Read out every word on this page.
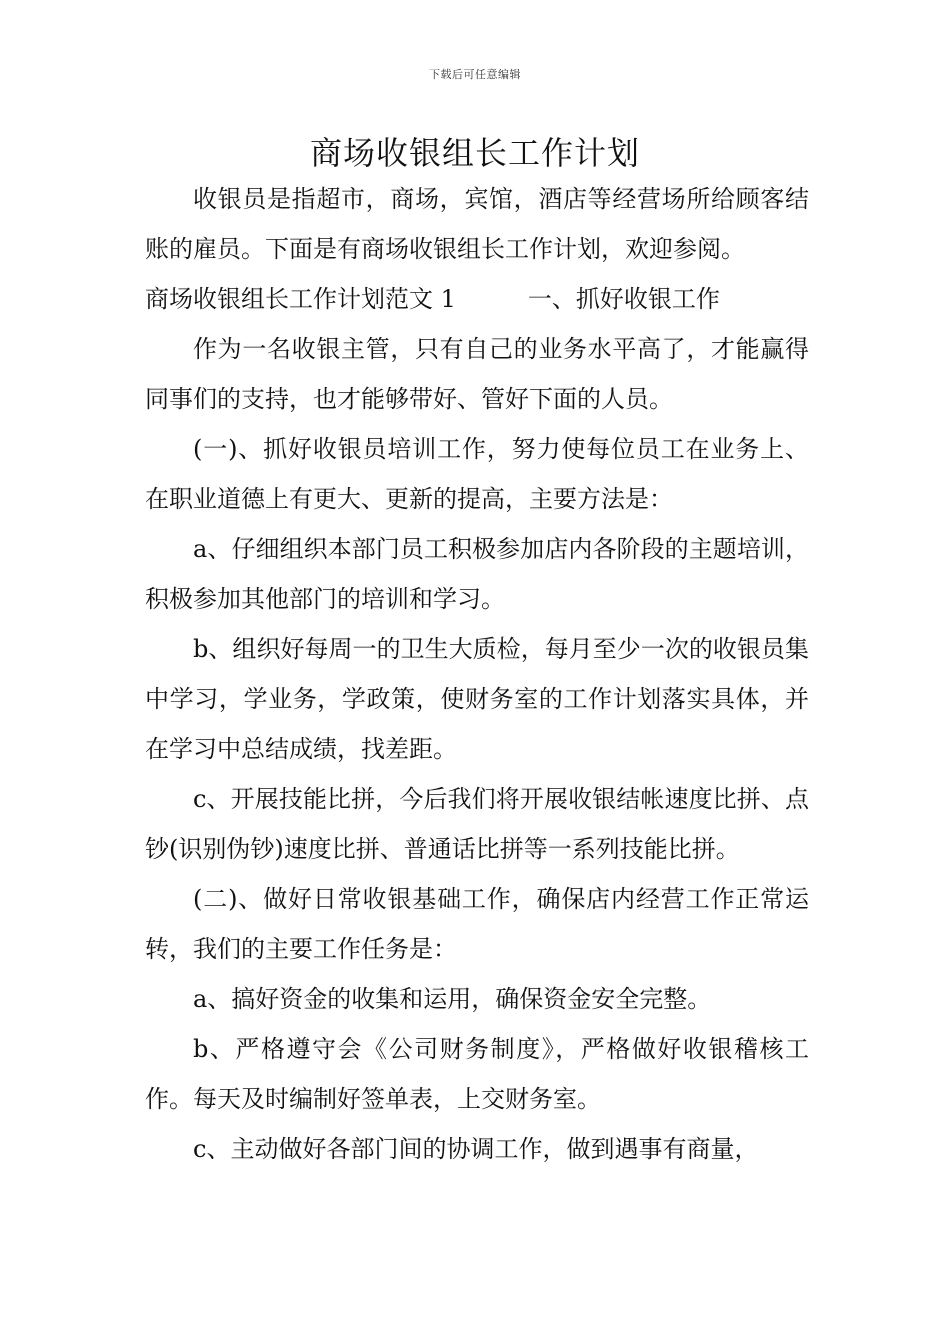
下载后可任意编辑
商场收银组长工作计划

收银员是指超市，商场，宾馆，酒店等经营场所给顾客结账的雇员。下面是有商场收银组长工作计划，欢迎参阅。

商场收银组长工作计划范文 1　　　一、抓好收银工作

作为一名收银主管，只有自己的业务水平高了，才能赢得同事们的支持，也才能够带好、管好下面的人员。

(一)、抓好收银员培训工作，努力使每位员工在业务上、在职业道德上有更大、更新的提高，主要方法是：

a、仔细组织本部门员工积极参加店内各阶段的主题培训，积极参加其他部门的培训和学习。

b、组织好每周一的卫生大质检，每月至少一次的收银员集中学习，学业务，学政策，使财务室的工作计划落实具体，并在学习中总结成绩，找差距。

c、开展技能比拼，今后我们将开展收银结帐速度比拼、点钞(识别伪钞)速度比拼、普通话比拼等一系列技能比拼。

(二)、做好日常收银基础工作，确保店内经营工作正常运转，我们的主要工作任务是：

a、搞好资金的收集和运用，确保资金安全完整。

b、严格遵守会《公司财务制度》，严格做好收银稽核工作。每天及时编制好签单表，上交财务室。

c、主动做好各部门间的协调工作，做到遇事有商量，
